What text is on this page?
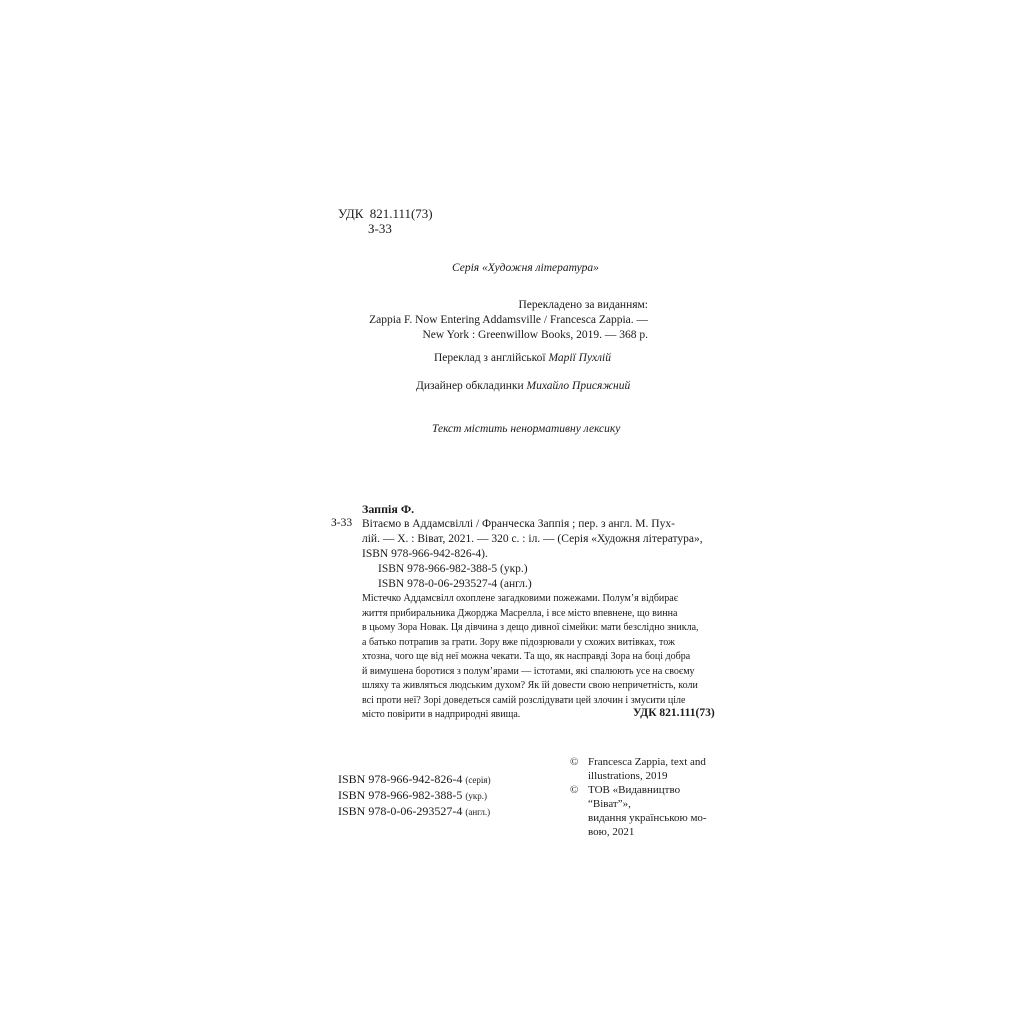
УДК 821.111(73)
З-33
Серія «Художня література»
Перекладено за виданням:
Zappia F. Now Entering Addamsville / Francesca Zappia. —
New York : Greenwillow Books, 2019. — 368 p.
Переклад з англійської Марії Пухлій
Дизайнер обкладинки Михайло Присяжний
Текст містить ненормативну лексику
Заппія Ф.
З-33 Вітаємо в Аддамсвіллі / Франческа Заппія ; пер. з англ. М. Пух-
лій. — Х. : Віват, 2021. — 320 с. : іл. — (Серія «Художня література»,
ISBN 978-966-942-826-4).
ISBN 978-966-982-388-5 (укр.)
ISBN 978-0-06-293527-4 (англ.)
Містечко Аддамсвілл охоплене загадковими пожежами. Полум’я відбирає
життя прибиральника Джорджа Масрелла, і все місто впевнене, що винна
в цьому Зора Новак. Ця дівчина з дещо дивної сімейки: мати безслідно зникла,
а батько потрапив за грати. Зору вже підозрювали у схожих витівках, тож
хтозна, чого ще від неї можна чекати. Та що, як насправді Зора на боці добра
й вимушена боротися з полум’ярами — істотами, які спалюють усе на своєму
шляху та живляться людським духом? Як їй довести свою непричетність, коли
всі проти неї? Зорі доведеться самій розслідувати цей злочин і змусити ціле
місто повірити в надприродні явища.	УДК 821.111(73)
ISBN 978-966-942-826-4 (серія)
ISBN 978-966-982-388-5 (укр.)
ISBN 978-0-06-293527-4 (англ.)
© Francesca Zappia, text and
illustrations, 2019
© ТОВ «Видавництво “Віват”»,
видання українською мо-
вою, 2021
